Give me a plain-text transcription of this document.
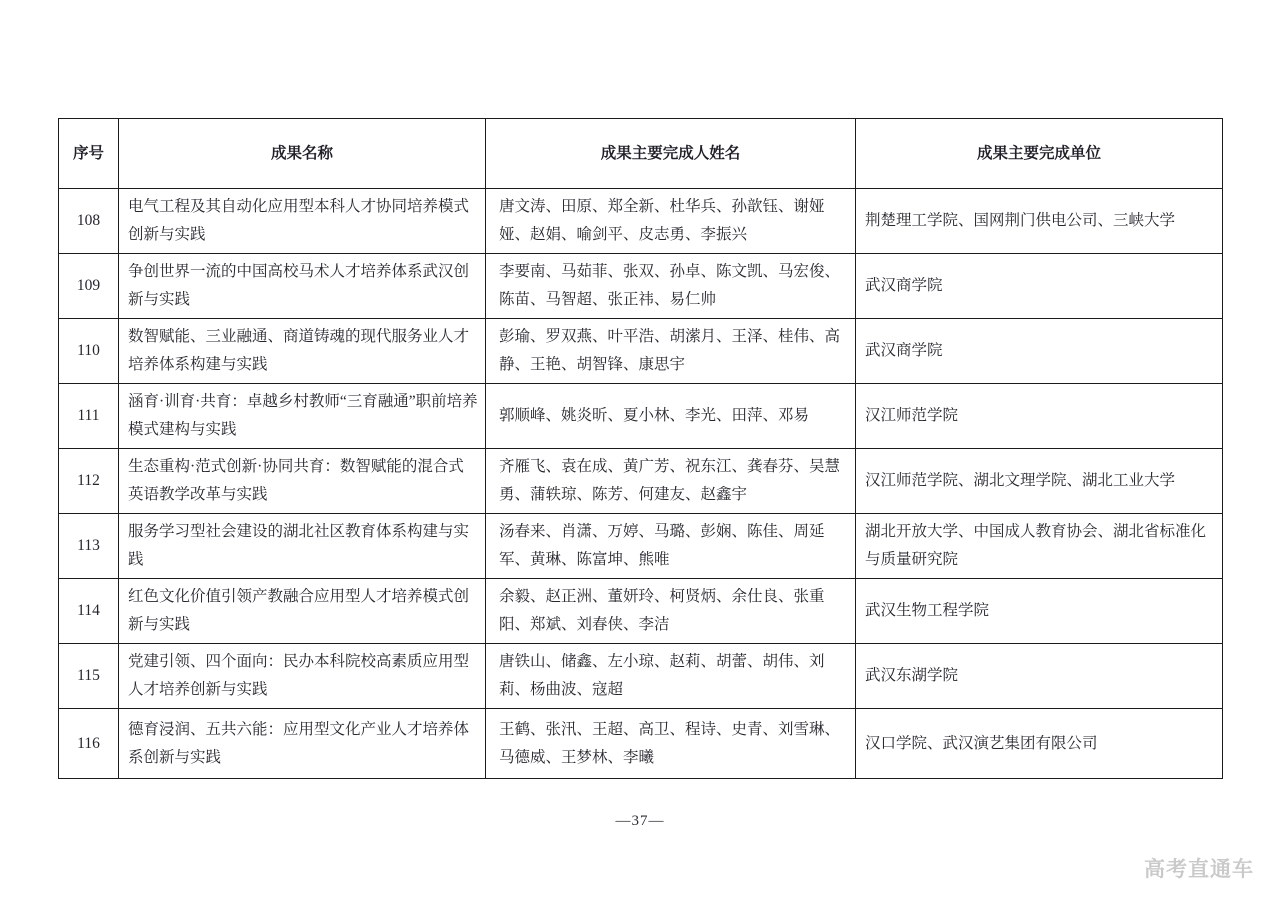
序号	成果名称	成果主要完成人姓名	成果主要完成单位
108	电气工程及其自动化应用型本科人才协同培养模式创新与实践	唐文涛、田原、郑全新、杜华兵、孙歆钰、谢娅娅、赵娟、喻剑平、皮志勇、李振兴	荆楚理工学院、国网荆门供电公司、三峡大学
109	争创世界一流的中国高校马术人才培养体系武汉创新与实践	李要南、马茹菲、张双、孙卓、陈文凯、马宏俊、陈苗、马智超、张正祎、易仁帅	武汉商学院
110	数智赋能、三业融通、商道铸魂的现代服务业人才培养体系构建与实践	彭瑜、罗双燕、叶平浩、胡潆月、王泽、桂伟、高静、王艳、胡智锋、康思宇	武汉商学院
111	涵育·训育·共育：卓越乡村教师“三育融通”职前培养模式建构与实践	郭顺峰、姚炎昕、夏小林、李光、田萍、邓易	汉江师范学院
112	生态重构·范式创新·协同共育：数智赋能的混合式英语教学改革与实践	齐雁飞、袁在成、黄广芳、祝东江、龚春芬、吴慧勇、蒲轶琼、陈芳、何建友、赵鑫宇	汉江师范学院、湖北文理学院、湖北工业大学
113	服务学习型社会建设的湖北社区教育体系构建与实践	汤春来、肖潇、万婷、马璐、彭娴、陈佳、周延军、黄琳、陈富坤、熊唯	湖北开放大学、中国成人教育协会、湖北省标准化与质量研究院
114	红色文化价值引领产教融合应用型人才培养模式创新与实践	余毅、赵正洲、董妍玲、柯贤炳、余仕良、张重阳、郑斌、刘春侠、李洁	武汉生物工程学院
115	党建引领、四个面向：民办本科院校高素质应用型人才培养创新与实践	唐铁山、储鑫、左小琼、赵莉、胡蕾、胡伟、刘莉、杨曲波、寇超	武汉东湖学院
116	德育浸润、五共六能：应用型文化产业人才培养体系创新与实践	王鹤、张汛、王超、高卫、程诗、史青、刘雪琳、马德威、王梦林、李曦	汉口学院、武汉演艺集团有限公司
—37—
高考直通车
